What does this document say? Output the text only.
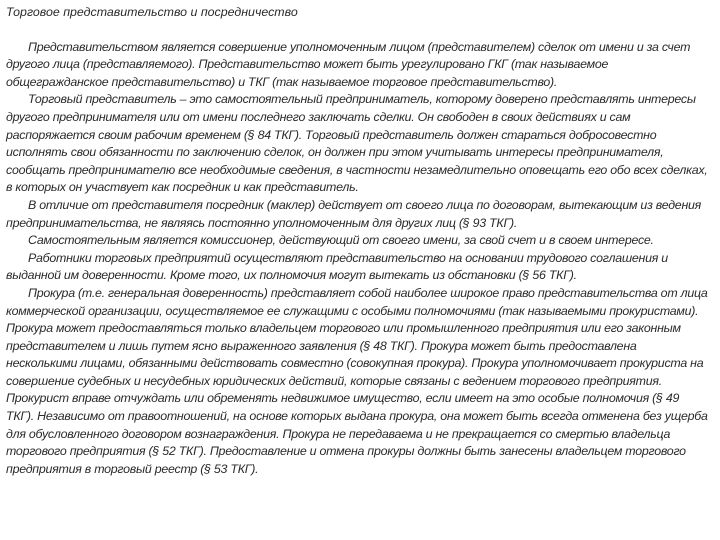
Торговое представительство и посредничество

Представительством является совершение уполномоченным лицом (представителем) сделок от имени и за счет другого лица (представляемого). Представительство может быть урегулировано ГКГ (так называемое общегражданское представительство) и ТКГ (так называемое торговое представительство).

Торговый представитель – это самостоятельный предприниматель, которому доверено представлять интересы другого предпринимателя или от имени последнего заключать сделки. Он свободен в своих действиях и сам распоряжается своим рабочим временем (§ 84 ТКГ). Торговый представитель должен стараться добросовестно исполнять свои обязанности по заключению сделок, он должен при этом учитывать интересы предпринимателя, сообщать предпринимателю все необходимые сведения, в частности незамедлительно оповещать его обо всех сделках, в которых он участвует как посредник и как представитель.

В отличие от представителя посредник (маклер) действует от своего лица по договорам, вытекающим из ведения предпринимательства, не являясь постоянно уполномоченным для других лиц (§ 93 ТКГ).

Самостоятельным является комиссионер, действующий от своего имени, за свой счет и в своем интересе.

Работники торговых предприятий осуществляют представительство на основании трудового соглашения и выданной им доверенности. Кроме того, их полномочия могут вытекать из обстановки (§ 56 ТКГ).

Прокура (т.е. генеральная доверенность) представляет собой наиболее широкое право представительства от лица коммерческой организации, осуществляемое ее служащими с особыми полномочиями (так называемыми прокуристами). Прокура может предоставляться только владельцем торгового или промышленного предприятия или его законным представителем и лишь путем ясно выраженного заявления (§ 48 ТКГ). Прокура может быть предоставлена несколькими лицами, обязанными действовать совместно (совокупная прокура). Прокура уполномочивает прокуриста на совершение судебных и несудебных юридических действий, которые связаны с ведением торгового предприятия. Прокурист вправе отчуждать или обременять недвижимое имущество, если имеет на это особые полномочия (§ 49 ТКГ). Независимо от правоотношений, на основе которых выдана прокура, она может быть всегда отменена без ущерба для обусловленного договором вознаграждения. Прокура не передаваема и не прекращается со смертью владельца торгового предприятия (§ 52 ТКГ). Предоставление и отмена прокуры должны быть занесены владельцем торгового предприятия в торговый реестр (§ 53 ТКГ).
